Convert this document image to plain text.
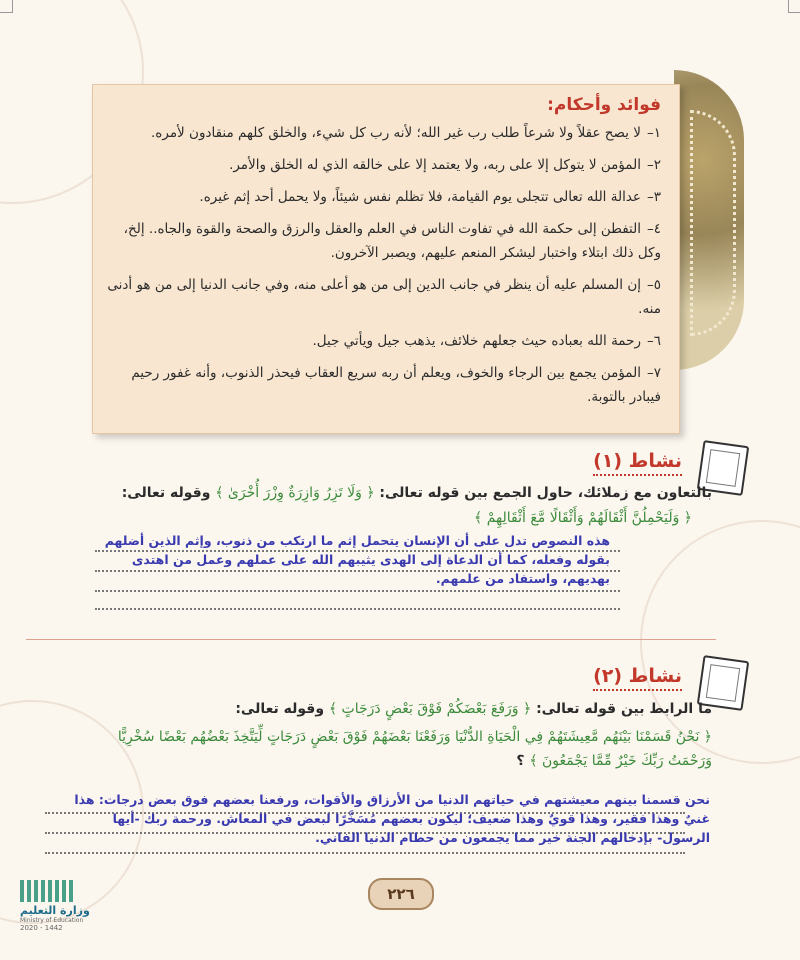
فوائد وأحكام:
١–لا يصح عقلاً ولا شرعاً طلب رب غير الله؛ لأنه رب كل شيء، والخلق كلهم منقادون لأمره.
٢–المؤمن لا يتوكل إلا على ربه، ولا يعتمد إلا على خالقه الذي له الخلق والأمر.
٣–عدالة الله تعالى تتجلى يوم القيامة، فلا تظلم نفس شيئاً، ولا يحمل أحد إثم غيره.
٤–التفطن إلى حكمة الله في تفاوت الناس في العلم والعقل والرزق والصحة والقوة والجاه.. إلخ، وكل ذلك ابتلاء واختبار ليشكر المنعم عليهم، ويصبر الآخرون.
٥–إن المسلم عليه أن ينظر في جانب الدين إلى من هو أعلى منه، وفي جانب الدنيا إلى من هو أدنى منه.
٦–رحمة الله بعباده حيث جعلهم خلائف، يذهب جيل ويأتي جيل.
٧–المؤمن يجمع بين الرجاء والخوف، ويعلم أن ربه سريع العقاب فيحذر الذنوب، وأنه غفور رحيم فيبادر بالتوبة.
نشاط (١)
بالتعاون مع زملائك، حاول الجمع بين قوله تعالى: ﴿ وَلَا تَزِرُ وَازِرَةٌ وِزْرَ أُخْرَىٰ ﴾ وقوله تعالى:
﴿ وَلَيَحْمِلُنَّ أَثْقَالَهُمْ وَأَثْقَالًا مَّعَ أَثْقَالِهِمْ ﴾
هذه النصوص تدل على أن الإنسان يتحمل إثم ما ارتكب من ذنوب، وإثم الذين أضلهم بقوله وفعله، كما أن الدعاة إلى الهدى يثيبهم الله على عملهم وعمل من اهتدى بهديهم، واستفاد من علمهم.
نشاط (٢)
ما الرابط بين قوله تعالى: ﴿ وَرَفَعَ بَعْضَكُمْ فَوْقَ بَعْضٍ دَرَجَاتٍ ﴾ وقوله تعالى:
﴿ نَحْنُ قَسَمْنَا بَيْنَهُم مَّعِيشَتَهُمْ فِي الْحَيَاةِ الدُّنْيَا وَرَفَعْنَا بَعْضَهُمْ فَوْقَ بَعْضٍ دَرَجَاتٍ لِّيَتَّخِذَ بَعْضُهُم بَعْضًا سُخْرِيًّا وَرَحْمَتُ رَبِّكَ خَيْرٌ مِّمَّا يَجْمَعُونَ ﴾ ؟
نحن قسمنا بينهم معيشتهم في حياتهم الدنيا من الأرزاق والأقوات، ورفعنا بعضهم فوق بعض درجات: هذا غنيٌ وهذا فقير، وهذا قويٌ وهذا ضعيف؛ ليكون بعضهم مُسَخَّرًا لبعض في المعاش. ورحمة ربك -أيها الرسول- بإدخالهم الجنة خير مما يجمعون من حطام الدنيا الفاني.
٢٢٦
وزارة التعليم
Ministry of Education
2020 - 1442
